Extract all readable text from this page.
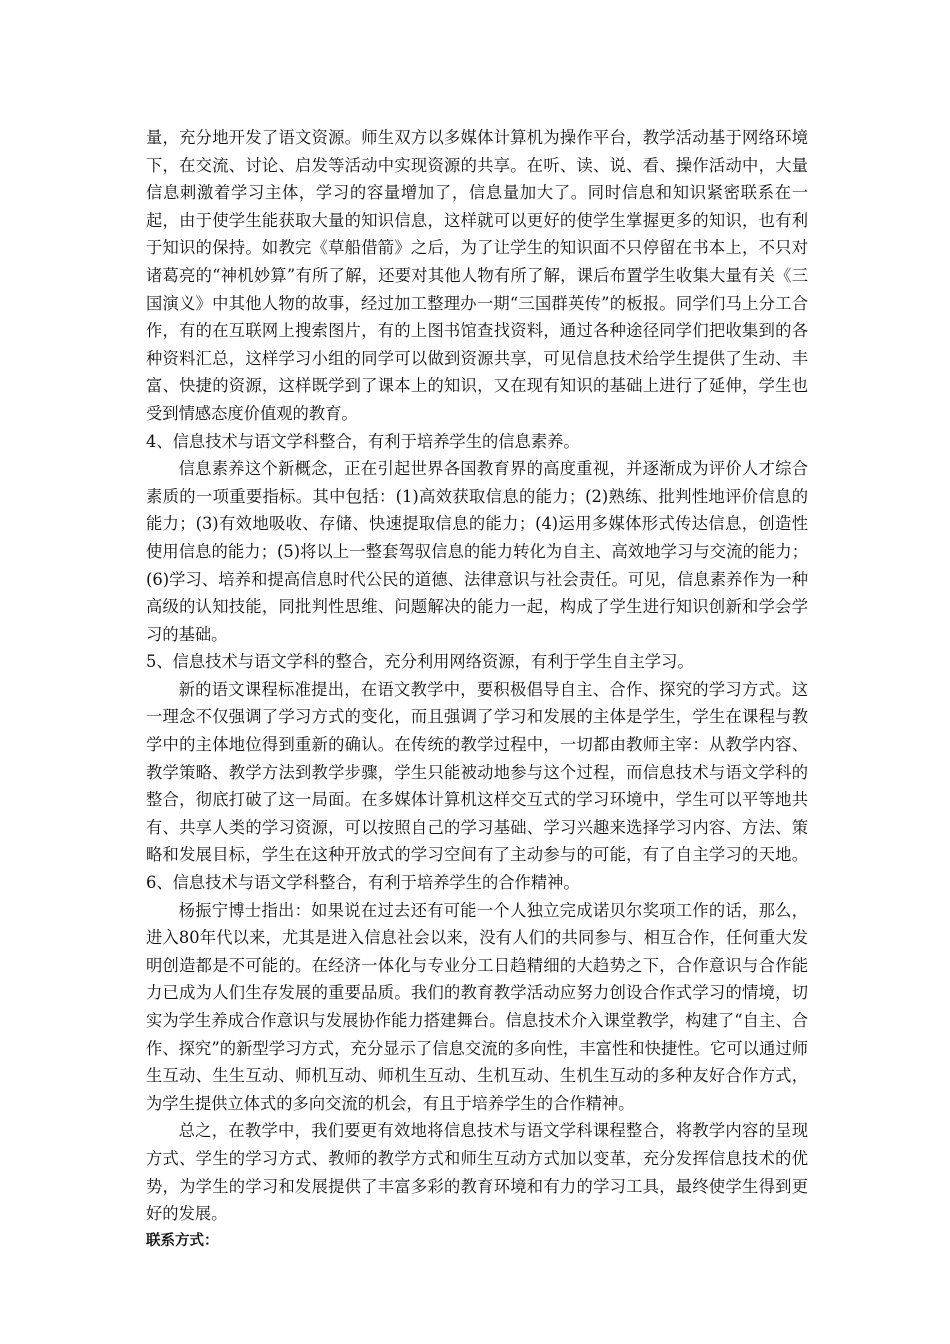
量，充分地开发了语文资源。师生双方以多媒体计算机为操作平台，教学活动基于网络环境下，在交流、讨论、启发等活动中实现资源的共享。在听、读、说、看、操作活动中，大量信息刺激着学习主体，学习的容量增加了，信息量加大了。同时信息和知识紧密联系在一起，由于使学生能获取大量的知识信息，这样就可以更好的使学生掌握更多的知识，也有利于知识的保持。如教完《草船借箭》之后，为了让学生的知识面不只停留在书本上，不只对诸葛亮的“神机妙算”有所了解，还要对其他人物有所了解，课后布置学生收集大量有关《三国演义》中其他人物的故事，经过加工整理办一期“三国群英传”的板报。同学们马上分工合作，有的在互联网上搜索图片，有的上图书馆查找资料，通过各种途径同学们把收集到的各种资料汇总，这样学习小组的同学可以做到资源共享，可见信息技术给学生提供了生动、丰富、快捷的资源，这样既学到了课本上的知识，又在现有知识的基础上进行了延伸，学生也受到情感态度价值观的教育。

4、信息技术与语文学科整合，有利于培养学生的信息素养。

信息素养这个新概念，正在引起世界各国教育界的高度重视，并逐渐成为评价人才综合素质的一项重要指标。其中包括：(1)高效获取信息的能力；(2)熟练、批判性地评价信息的能力；(3)有效地吸收、存储、快速提取信息的能力；(4)运用多媒体形式传达信息，创造性使用信息的能力；(5)将以上一整套驾驭信息的能力转化为自主、高效地学习与交流的能力；(6)学习、培养和提高信息时代公民的道德、法律意识与社会责任。可见，信息素养作为一种高级的认知技能，同批判性思维、问题解决的能力一起，构成了学生进行知识创新和学会学习的基础。

5、信息技术与语文学科的整合，充分利用网络资源，有利于学生自主学习。

新的语文课程标准提出，在语文教学中，要积极倡导自主、合作、探究的学习方式。这一理念不仅强调了学习方式的变化，而且强调了学习和发展的主体是学生，学生在课程与教学中的主体地位得到重新的确认。在传统的教学过程中，一切都由教师主宰：从教学内容、教学策略、教学方法到教学步骤，学生只能被动地参与这个过程，而信息技术与语文学科的整合，彻底打破了这一局面。在多媒体计算机这样交互式的学习环境中，学生可以平等地共有、共享人类的学习资源，可以按照自己的学习基础、学习兴趣来选择学习内容、方法、策略和发展目标，学生在这种开放式的学习空间有了主动参与的可能，有了自主学习的天地。6、信息技术与语文学科整合，有利于培养学生的合作精神。

杨振宁博士指出：如果说在过去还有可能一个人独立完成诺贝尔奖项工作的话，那么，进入80年代以来，尤其是进入信息社会以来，没有人们的共同参与、相互合作，任何重大发明创造都是不可能的。在经济一体化与专业分工日趋精细的大趋势之下，合作意识与合作能力已成为人们生存发展的重要品质。我们的教育教学活动应努力创设合作式学习的情境，切实为学生养成合作意识与发展协作能力搭建舞台。信息技术介入课堂教学，构建了“自主、合作、探究”的新型学习方式，充分显示了信息交流的多向性，丰富性和快捷性。它可以通过师生互动、生生互动、师机互动、师机生互动、生机互动、生机生互动的多种友好合作方式，为学生提供立体式的多向交流的机会，有且于培养学生的合作精神。

总之，在教学中，我们要更有效地将信息技术与语文学科课程整合，将教学内容的呈现方式、学生的学习方式、教师的教学方式和师生互动方式加以变革，充分发挥信息技术的优势，为学生的学习和发展提供了丰富多彩的教育环境和有力的学习工具，最终使学生得到更好的发展。

联系方式：
